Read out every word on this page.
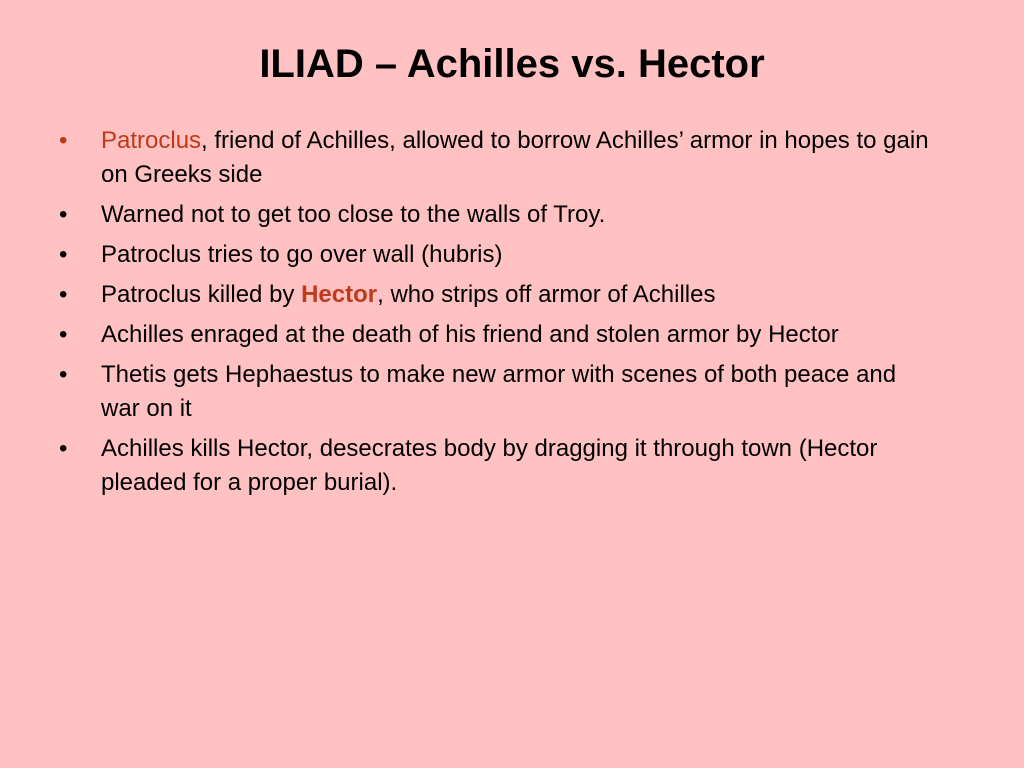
ILIAD – Achilles vs. Hector
• Patroclus, friend of Achilles, allowed to borrow Achilles’ armor in hopes to gain on Greeks side
• Warned not to get too close to the walls of Troy.
• Patroclus tries to go over wall (hubris)
• Patroclus killed by Hector, who strips off armor of Achilles
• Achilles enraged at the death of his friend and stolen armor by Hector
• Thetis gets Hephaestus to make new armor with scenes of both peace and war on it
• Achilles kills Hector, desecrates body by dragging it through town (Hector pleaded for a proper burial).
